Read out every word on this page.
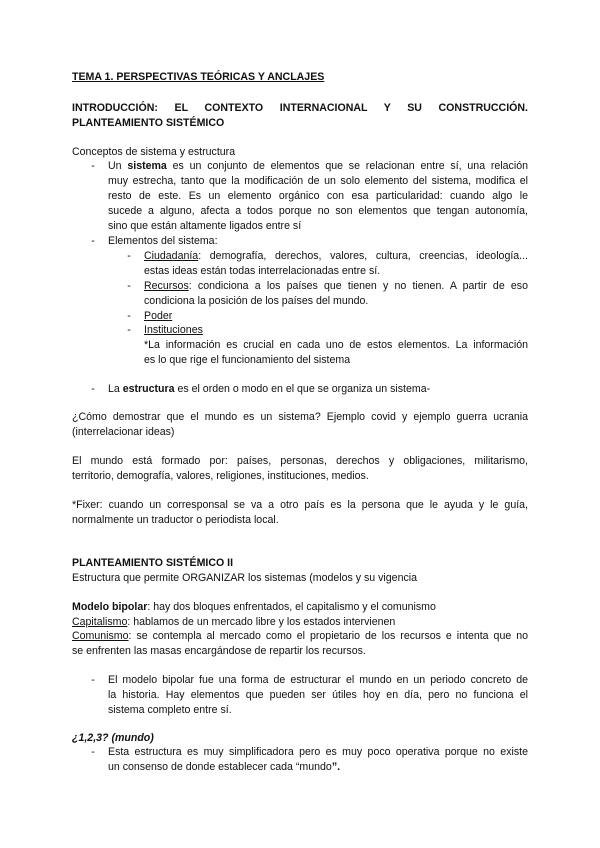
TEMA 1. PERSPECTIVAS TEÓRICAS Y ANCLAJES
INTRODUCCIÓN: EL CONTEXTO INTERNACIONAL Y SU CONSTRUCCIÓN.
PLANTEAMIENTO SISTÉMICO
Conceptos de sistema y estructura
-	Un sistema es un conjunto de elementos que se relacionan entre sí, una relación
muy estrecha, tanto que la modificación de un solo elemento del sistema, modifica el
resto de este. Es un elemento orgánico con esa particularidad: cuando algo le
sucede a alguno, afecta a todos porque no son elementos que tengan autonomía,
sino que están altamente ligados entre sí
-	Elementos del sistema:
-	Ciudadanía: demografía, derechos, valores, cultura, creencias, ideología...
estas ideas están todas interrelacionadas entre sí.
-	Recursos: condiciona a los países que tienen y no tienen. A partir de eso
condiciona la posición de los países del mundo.
-	Poder
-	Instituciones
*La información es crucial en cada uno de estos elementos. La información
es lo que rige el funcionamiento del sistema
-	La estructura es el orden o modo en el que se organiza un sistema-
¿Cómo demostrar que el mundo es un sistema? Ejemplo covid y ejemplo guerra ucrania
(interrelacionar ideas)
El mundo está formado por: países, personas, derechos y obligaciones, militarismo,
territorio, demografía, valores, religiones, instituciones, medios.
*Fixer: cuando un corresponsal se va a otro país es la persona que le ayuda y le guía,
normalmente un traductor o periodista local.
PLANTEAMIENTO SISTÉMICO II
Estructura que permite ORGANIZAR los sistemas (modelos y su vigencia
Modelo bipolar: hay dos bloques enfrentados, el capitalismo y el comunismo
Capitalismo: hablamos de un mercado libre y los estados intervienen
Comunismo: se contempla al mercado como el propietario de los recursos e intenta que no
se enfrenten las masas encargándose de repartir los recursos.
-	El modelo bipolar fue una forma de estructurar el mundo en un periodo concreto de
la historia. Hay elementos que pueden ser útiles hoy en día, pero no funciona el
sistema completo entre sí.
¿1,2,3? (mundo)
-	Esta estructura es muy simplificadora pero es muy poco operativa porque no existe
un consenso de donde establecer cada “mundo”.
